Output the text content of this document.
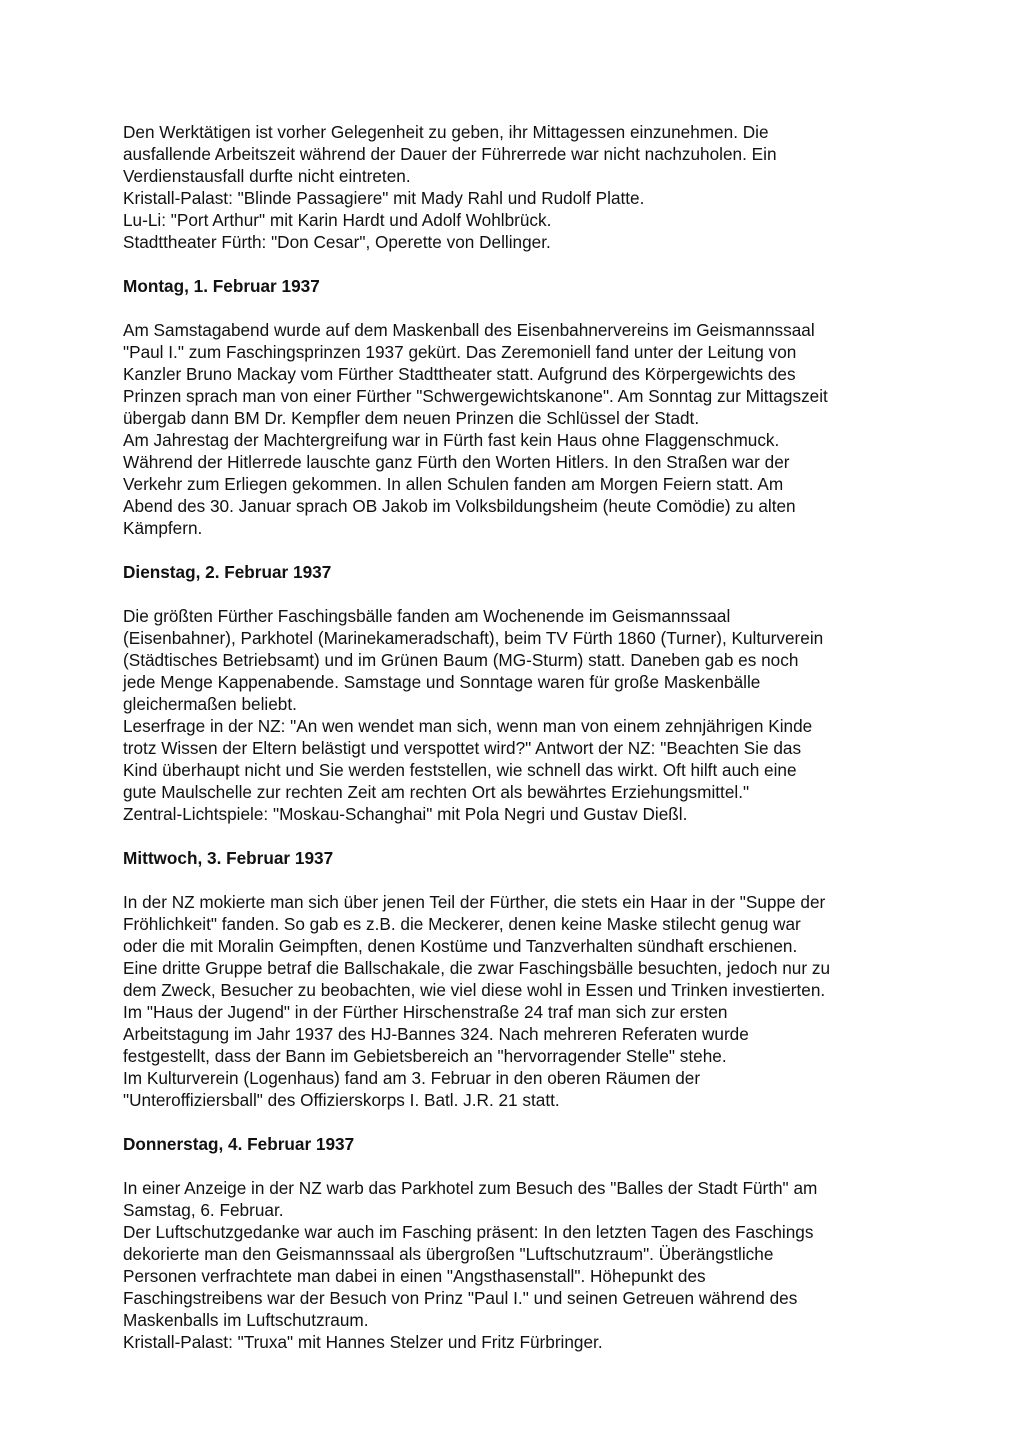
Den Werktätigen ist vorher Gelegenheit zu geben, ihr Mittagessen einzunehmen. Die
ausfallende Arbeitszeit während der Dauer der Führerrede war nicht nachzuholen. Ein
Verdienstausfall durfte nicht eintreten.
Kristall-Palast: "Blinde Passagiere" mit Mady Rahl und Rudolf Platte.
Lu-Li: "Port Arthur" mit Karin Hardt und Adolf Wohlbrück.
Stadttheater Fürth: "Don Cesar", Operette von Dellinger.
Montag, 1. Februar 1937
Am Samstagabend wurde auf dem Maskenball des Eisenbahnervereins im Geismannssaal
"Paul I." zum Faschingsprinzen 1937 gekürt. Das Zeremoniell fand unter der Leitung von
Kanzler Bruno Mackay vom Fürther Stadttheater statt. Aufgrund des Körpergewichts des
Prinzen sprach man von einer Fürther "Schwergewichtskanone". Am Sonntag zur Mittagszeit
übergab dann BM Dr. Kempfler dem neuen Prinzen die Schlüssel der Stadt.
Am Jahrestag der Machtergreifung war in Fürth fast kein Haus ohne Flaggenschmuck.
Während der Hitlerrede lauschte ganz Fürth den Worten Hitlers. In den Straßen war der
Verkehr zum Erliegen gekommen. In allen Schulen fanden am Morgen Feiern statt. Am
Abend des 30. Januar sprach OB Jakob im Volksbildungsheim (heute Comödie) zu alten
Kämpfern.
Dienstag, 2. Februar 1937
Die größten Fürther Faschingsbälle fanden am Wochenende im Geismannssaal
(Eisenbahner), Parkhotel (Marinekameradschaft), beim TV Fürth 1860 (Turner), Kulturverein
(Städtisches Betriebsamt) und im Grünen Baum (MG-Sturm) statt. Daneben gab es noch
jede Menge Kappenabende. Samstage und Sonntage waren für große Maskenbälle
gleichermaßen beliebt.
Leserfrage in der NZ: "An wen wendet man sich, wenn man von einem zehnjährigen Kinde
trotz Wissen der Eltern belästigt und verspottet wird?" Antwort der NZ: "Beachten Sie das
Kind überhaupt nicht und Sie werden feststellen, wie schnell das wirkt. Oft hilft auch eine
gute Maulschelle zur rechten Zeit am rechten Ort als bewährtes Erziehungsmittel."
Zentral-Lichtspiele: "Moskau-Schanghai" mit Pola Negri und Gustav Dießl.
Mittwoch, 3. Februar 1937
In der NZ mokierte man sich über jenen Teil der Fürther, die stets ein Haar in der "Suppe der
Fröhlichkeit" fanden. So gab es z.B. die Meckerer, denen keine Maske stilecht genug war
oder die mit Moralin Geimpften, denen Kostüme und Tanzverhalten sündhaft erschienen.
Eine dritte Gruppe betraf die Ballschakale, die zwar Faschingsbälle besuchten, jedoch nur zu
dem Zweck, Besucher zu beobachten, wie viel diese wohl in Essen und Trinken investierten.
Im "Haus der Jugend" in der Fürther Hirschenstraße 24 traf man sich zur ersten
Arbeitstagung im Jahr 1937 des HJ-Bannes 324. Nach mehreren Referaten wurde
festgestellt, dass der Bann im Gebietsbereich an "hervorragender Stelle" stehe.
Im Kulturverein (Logenhaus) fand am 3. Februar in den oberen Räumen der
"Unteroffiziersball" des Offizierskorps I. Batl. J.R. 21 statt.
Donnerstag, 4. Februar 1937
In einer Anzeige in der NZ warb das Parkhotel zum Besuch des "Balles der Stadt Fürth" am
Samstag, 6. Februar.
Der Luftschutzgedanke war auch im Fasching präsent: In den letzten Tagen des Faschings
dekorierte man den Geismannssaal als übergroßen "Luftschutzraum". Überängstliche
Personen verfrachtete man dabei in einen "Angsthasenstall". Höhepunkt des
Faschingstreibens war der Besuch von Prinz "Paul I." und seinen Getreuen während des
Maskenballs im Luftschutzraum.
Kristall-Palast: "Truxa" mit Hannes Stelzer und Fritz Fürbringer.
